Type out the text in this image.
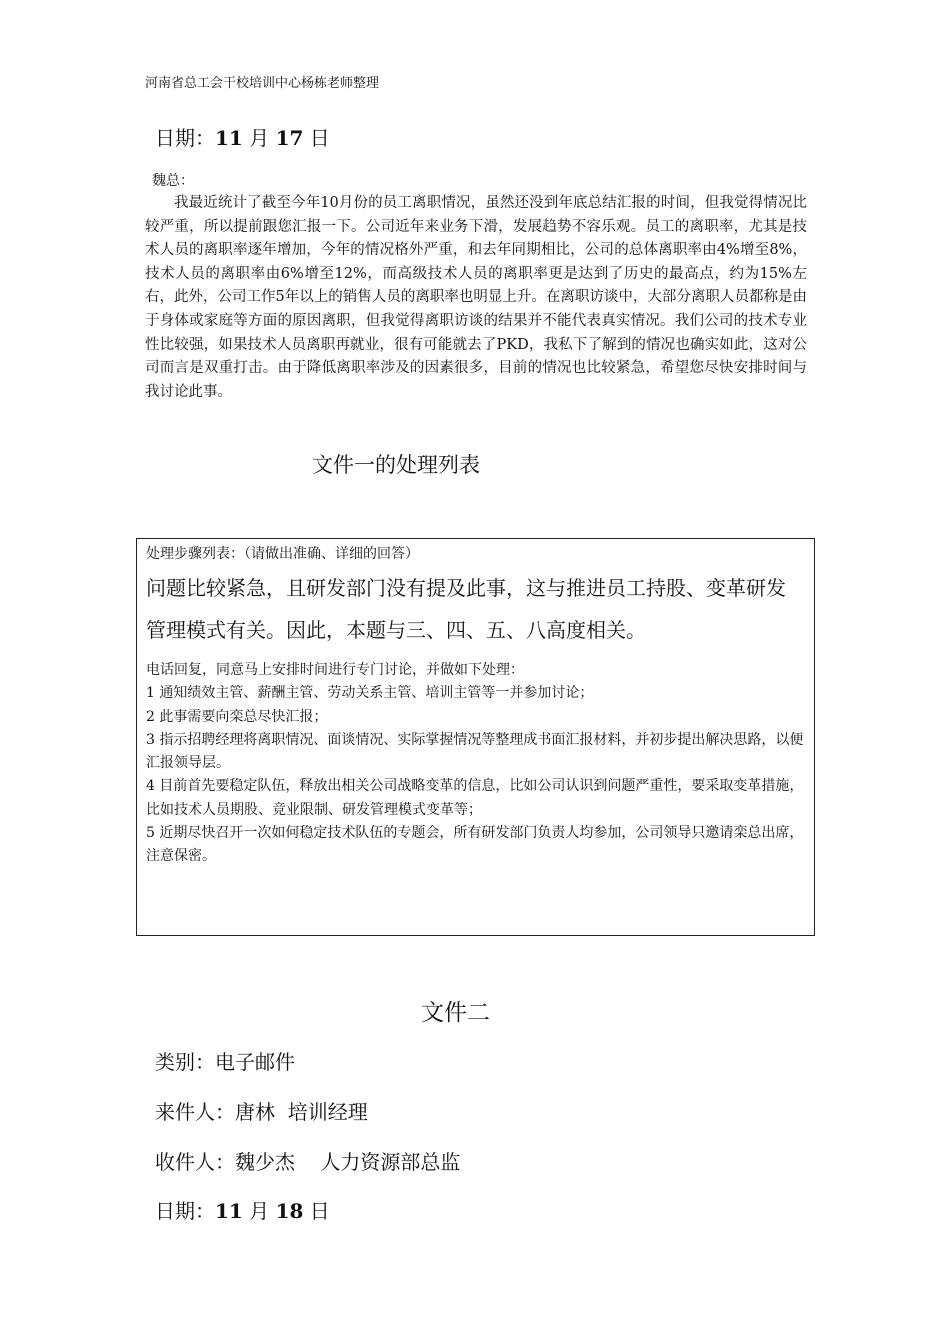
河南省总工会干校培训中心杨栋老师整理
日期：11 月 17 日
魏总：
我最近统计了截至今年10月份的员工离职情况，虽然还没到年底总结汇报的时间，但我觉得情况比较严重，所以提前跟您汇报一下。公司近年来业务下滑，发展趋势不容乐观。员工的离职率，尤其是技术人员的离职率逐年增加，今年的情况格外严重，和去年同期相比，公司的总体离职率由4%增至8%，技术人员的离职率由6%增至12%，而高级技术人员的离职率更是达到了历史的最高点，约为15%左右，此外，公司工作5年以上的销售人员的离职率也明显上升。在离职访谈中，大部分离职人员都称是由于身体或家庭等方面的原因离职，但我觉得离职访谈的结果并不能代表真实情况。我们公司的技术专业性比较强，如果技术人员离职再就业，很有可能就去了PKD，我私下了解到的情况也确实如此，这对公司而言是双重打击。由于降低离职率涉及的因素很多，目前的情况也比较紧急，希望您尽快安排时间与我讨论此事。
文件一的处理列表
处理步骤列表：（请做出准确、详细的回答）
问题比较紧急，且研发部门没有提及此事，这与推进员工持股、变革研发管理模式有关。因此，本题与三、四、五、八高度相关。

电话回复，同意马上安排时间进行专门讨论，并做如下处理：

1 通知绩效主管、薪酬主管、劳动关系主管、培训主管等一并参加讨论；

2 此事需要向栾总尽快汇报；

3 指示招聘经理将离职情况、面谈情况、实际掌握情况等整理成书面汇报材料，并初步提出解决思路，以便汇报领导层。

4 目前首先要稳定队伍，释放出相关公司战略变革的信息，比如公司认识到问题严重性，要采取变革措施，比如技术人员期股、竞业限制、研发管理模式变革等；

5 近期尽快召开一次如何稳定技术队伍的专题会，所有研发部门负责人均参加，公司领导只邀请栾总出席，注意保密。

文件二
类别：电子邮件
来件人：唐林  培训经理
收件人：魏少杰    人力资源部总监
日期：11 月 18 日
